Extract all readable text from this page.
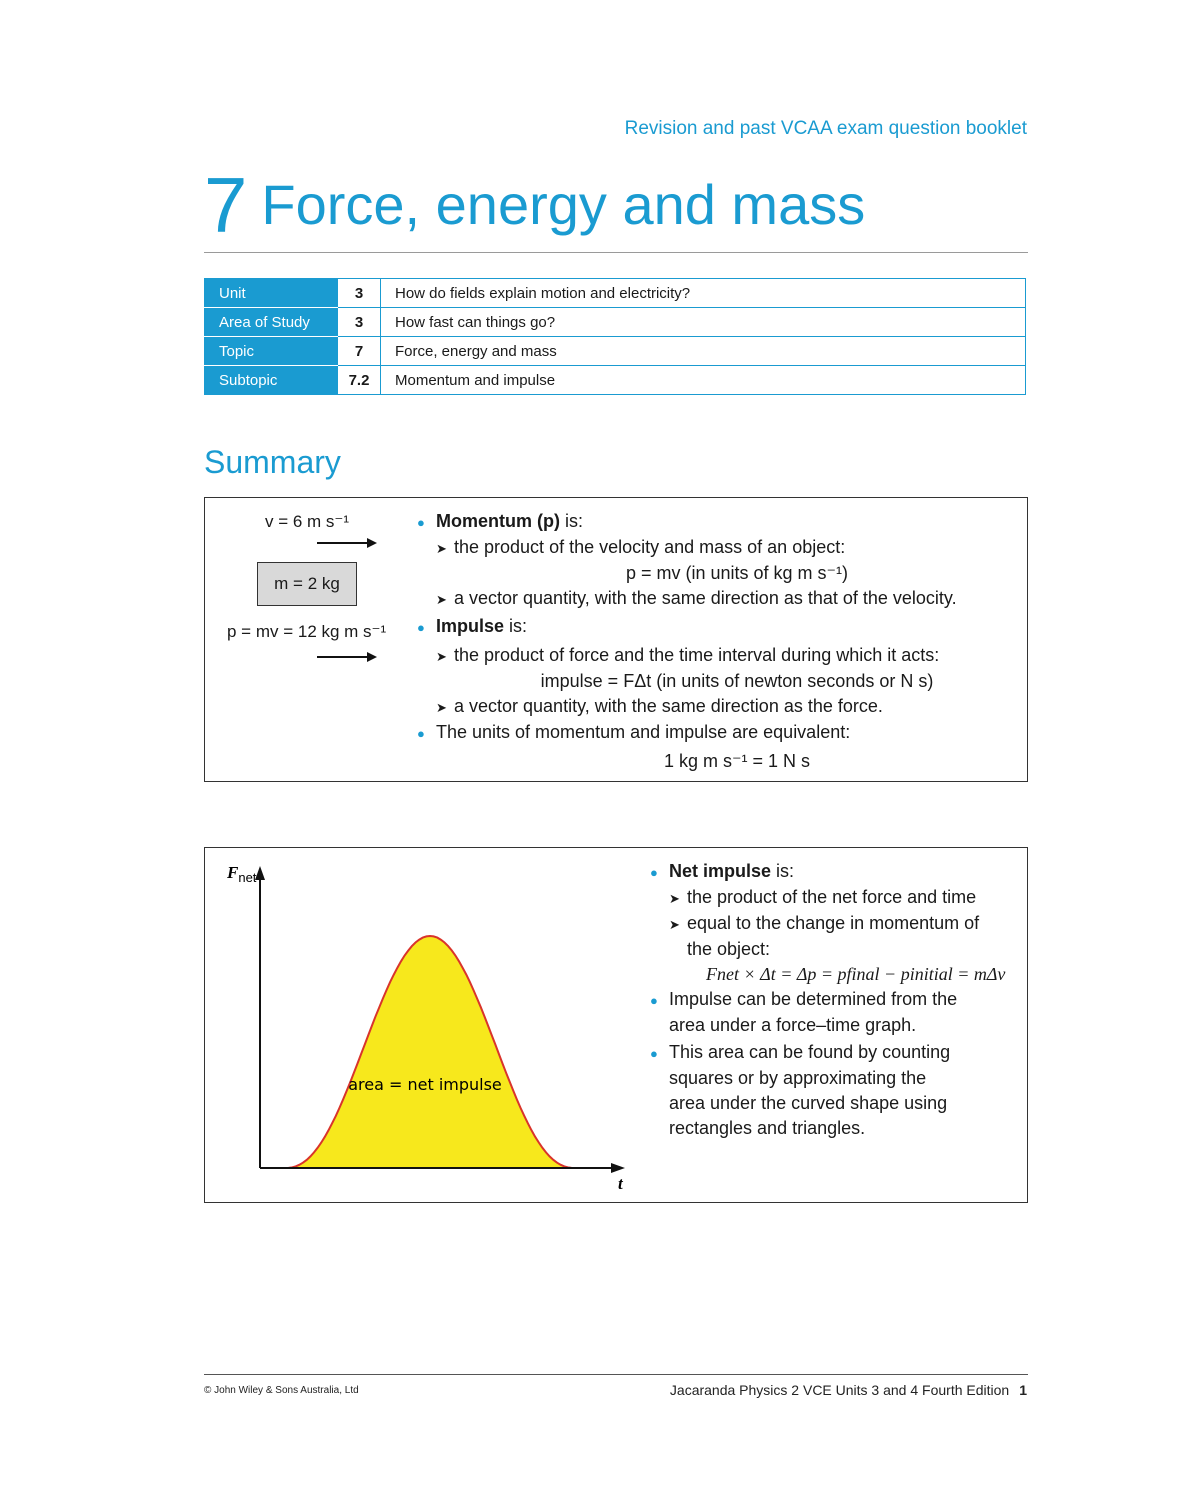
Revision and past VCAA exam question booklet
7 Force, energy and mass
Unit	3	How do fields explain motion and electricity?
Area of Study	3	How fast can things go?
Topic	7	Force, energy and mass
Subtopic	7.2	Momentum and impulse
Summary
v = 6 m s⁻¹
m = 2 kg
p = mv = 12 kg m s⁻¹
● Momentum (p) is:
➤ the product of the velocity and mass of an object:
p = mv (in units of kg m s⁻¹)
➤ a vector quantity, with the same direction as that of the velocity.
● Impulse is:
➤ the product of force and the time interval during which it acts:
impulse = FΔt (in units of newton seconds or N s)
➤ a vector quantity, with the same direction as the force.
● The units of momentum and impulse are equivalent:
1 kg m s⁻¹ = 1 N s
$F_{net}$
t
area = net impulse
● Net impulse is:
➤ the product of the net force and time
➤ equal to the change in momentum of
the object:
Fnet × Δt = Δp = pfinal − pinitial = mΔv
● Impulse can be determined from the
area under a force–time graph.
● This area can be found by counting
squares or by approximating the
area under the curved shape using
rectangles and triangles.
© John Wiley & Sons Australia, Ltd	Jacaranda Physics 2 VCE Units 3 and 4 Fourth Edition 1
